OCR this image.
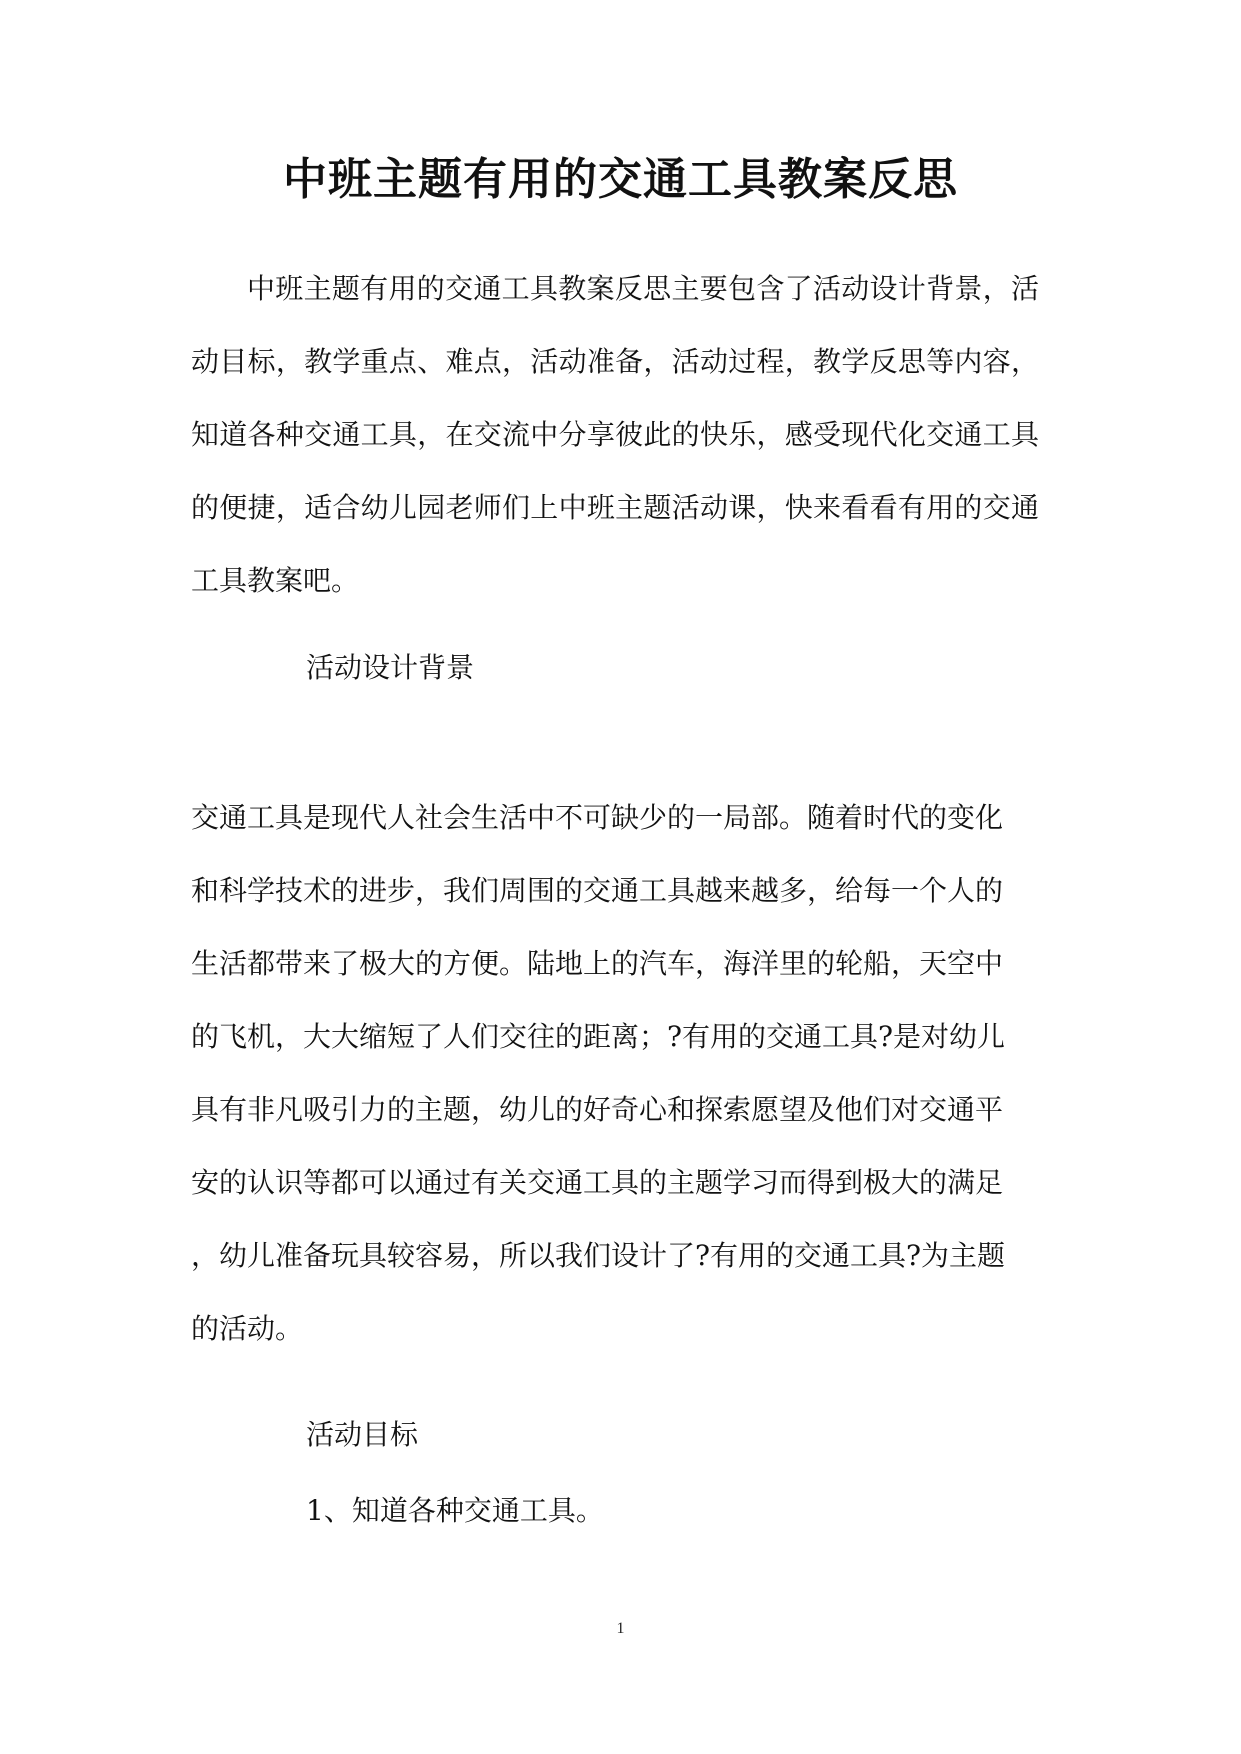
中班主题有用的交通工具教案反思

中班主题有用的交通工具教案反思主要包含了活动设计背景，活动目标，教学重点、难点，活动准备，活动过程，教学反思等内容，知道各种交通工具，在交流中分享彼此的快乐，感受现代化交通工具的便捷，适合幼儿园老师们上中班主题活动课，快来看看有用的交通工具教案吧。

活动设计背景

交通工具是现代人社会生活中不可缺少的一局部。随着时代的变化
和科学技术的进步，我们周围的交通工具越来越多，给每一个人的
生活都带来了极大的方便。陆地上的汽车，海洋里的轮船，天空中
的飞机，大大缩短了人们交往的距离；?有用的交通工具?是对幼儿
具有非凡吸引力的主题，幼儿的好奇心和探索愿望及他们对交通平
安的认识等都可以通过有关交通工具的主题学习而得到极大的满足
，幼儿准备玩具较容易，所以我们设计了?有用的交通工具?为主题
的活动。

活动目标

1、知道各种交通工具。

1
